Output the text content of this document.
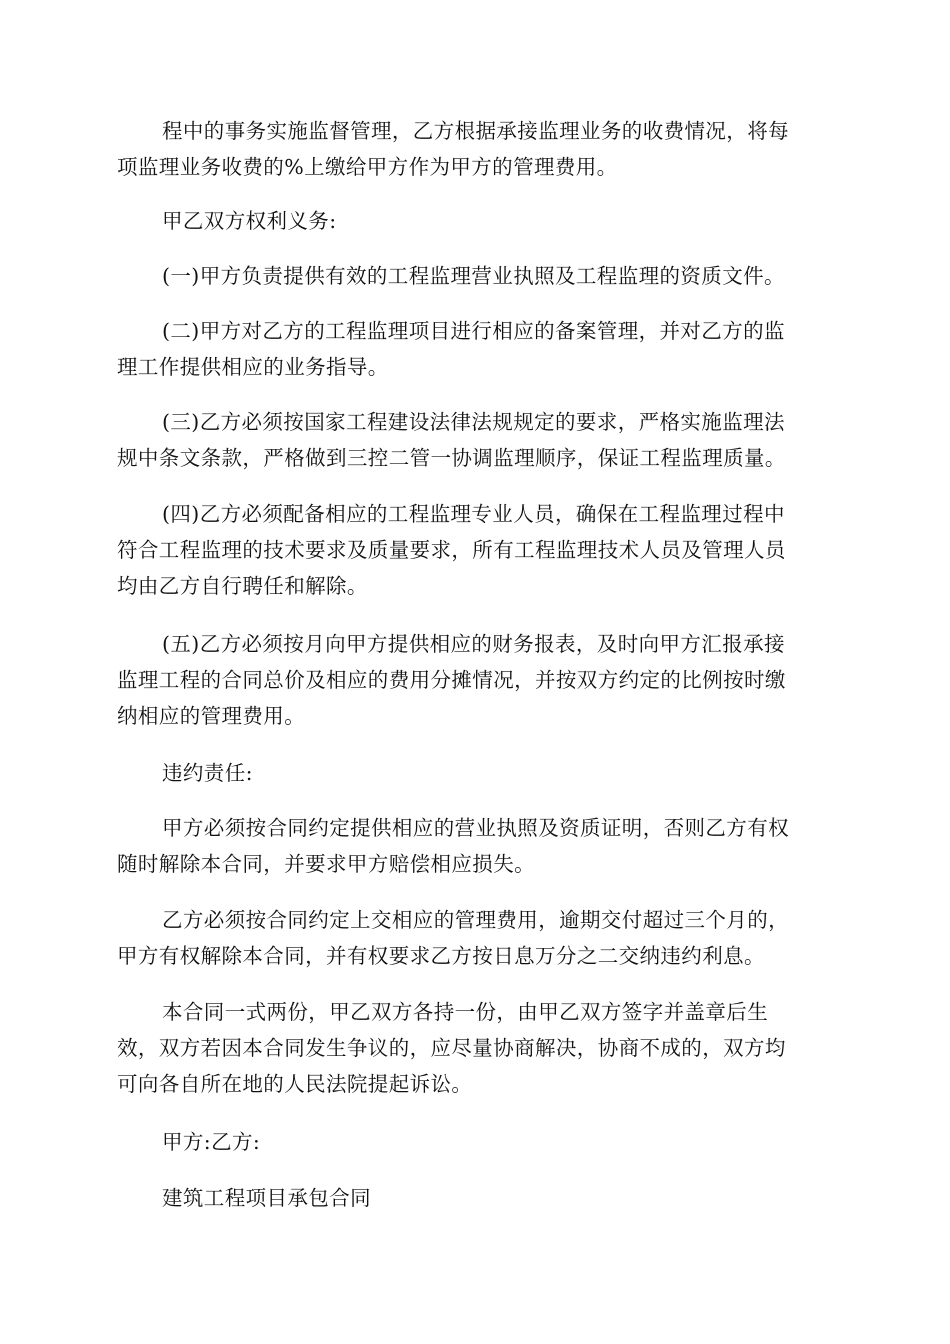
程中的事务实施监督管理，乙方根据承接监理业务的收费情况，将每
项监理业务收费的%上缴给甲方作为甲方的管理费用。

甲乙双方权利义务:

(一)甲方负责提供有效的工程监理营业执照及工程监理的资质文件。

(二)甲方对乙方的工程监理项目进行相应的备案管理，并对乙方的监
理工作提供相应的业务指导。

(三)乙方必须按国家工程建设法律法规规定的要求，严格实施监理法
规中条文条款，严格做到三控二管一协调监理顺序，保证工程监理质量。

(四)乙方必须配备相应的工程监理专业人员，确保在工程监理过程中
符合工程监理的技术要求及质量要求，所有工程监理技术人员及管理人员
均由乙方自行聘任和解除。

(五)乙方必须按月向甲方提供相应的财务报表，及时向甲方汇报承接
监理工程的合同总价及相应的费用分摊情况，并按双方约定的比例按时缴
纳相应的管理费用。

违约责任:

甲方必须按合同约定提供相应的营业执照及资质证明，否则乙方有权
随时解除本合同，并要求甲方赔偿相应损失。

乙方必须按合同约定上交相应的管理费用，逾期交付超过三个月的，
甲方有权解除本合同，并有权要求乙方按日息万分之二交纳违约利息。

本合同一式两份，甲乙双方各持一份，由甲乙双方签字并盖章后生
效，双方若因本合同发生争议的，应尽量协商解决，协商不成的，双方均
可向各自所在地的人民法院提起诉讼。

甲方:乙方:

建筑工程项目承包合同
